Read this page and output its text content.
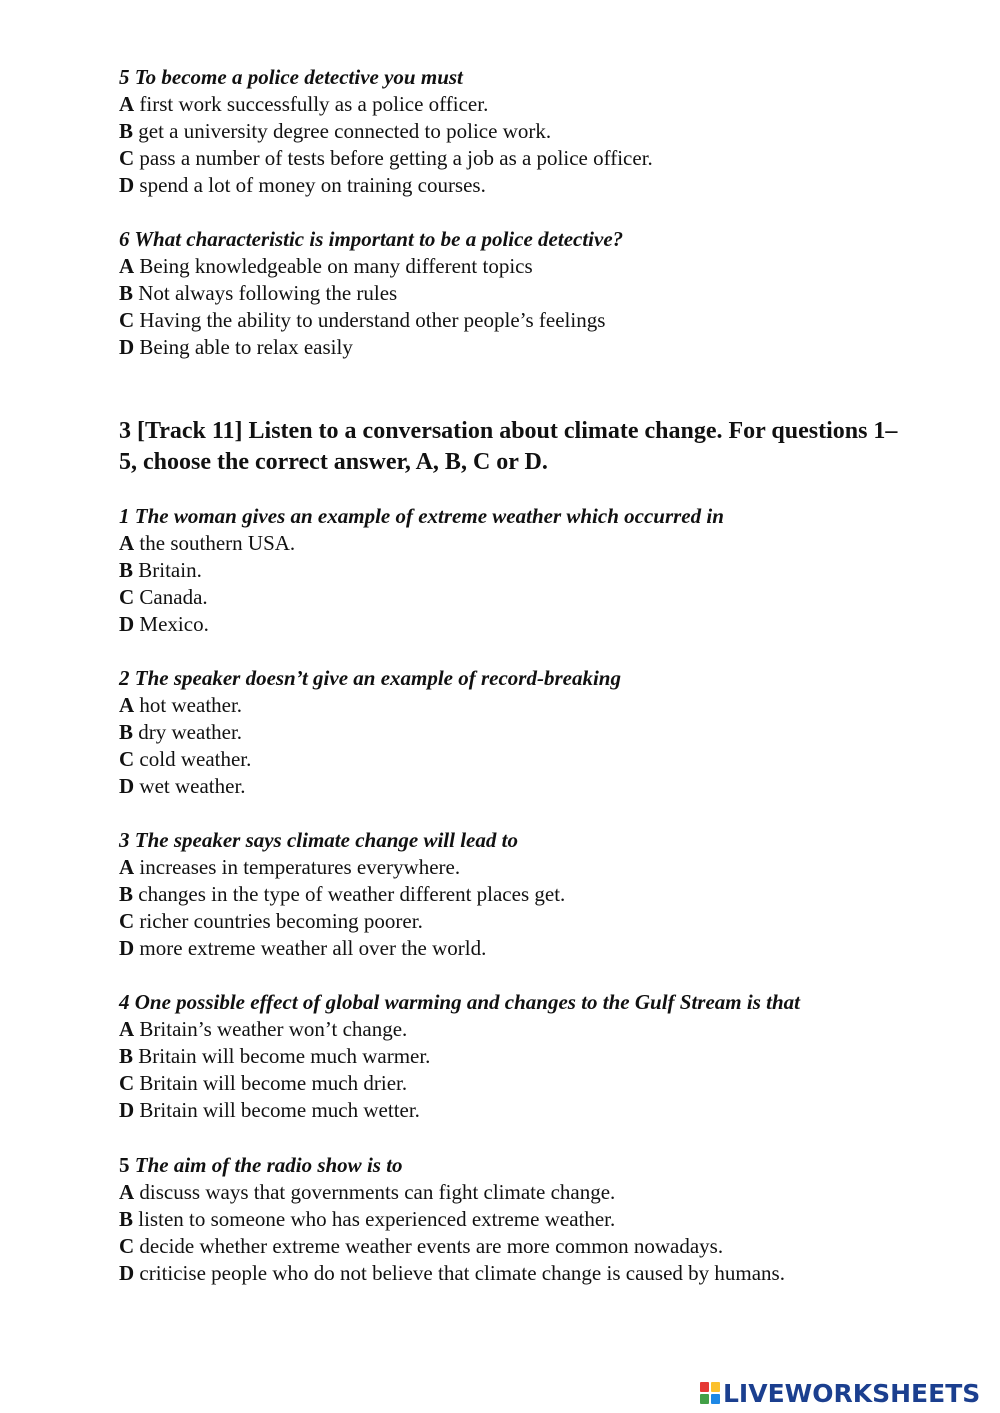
5 To become a police detective you must
A first work successfully as a police officer.
B get a university degree connected to police work.
C pass a number of tests before getting a job as a police officer.
D spend a lot of money on training courses.
6 What characteristic is important to be a police detective?
A Being knowledgeable on many different topics
B Not always following the rules
C Having the ability to understand other people’s feelings
D Being able to relax easily
3 [Track 11] Listen to a conversation about climate change. For questions 1–5, choose the correct answer, A, B, C or D.
1 The woman gives an example of extreme weather which occurred in
A the southern USA.
B Britain.
C Canada.
D Mexico.
2 The speaker doesn’t give an example of record-breaking
A hot weather.
B dry weather.
C cold weather.
D wet weather.
3 The speaker says climate change will lead to
A increases in temperatures everywhere.
B changes in the type of weather different places get.
C richer countries becoming poorer.
D more extreme weather all over the world.
4 One possible effect of global warming and changes to the Gulf Stream is that
A Britain’s weather won’t change.
B Britain will become much warmer.
C Britain will become much drier.
D Britain will become much wetter.
5 The aim of the radio show is to
A discuss ways that governments can fight climate change.
B listen to someone who has experienced extreme weather.
C decide whether extreme weather events are more common nowadays.
D criticise people who do not believe that climate change is caused by humans.
LIVEWORKSHEETS
